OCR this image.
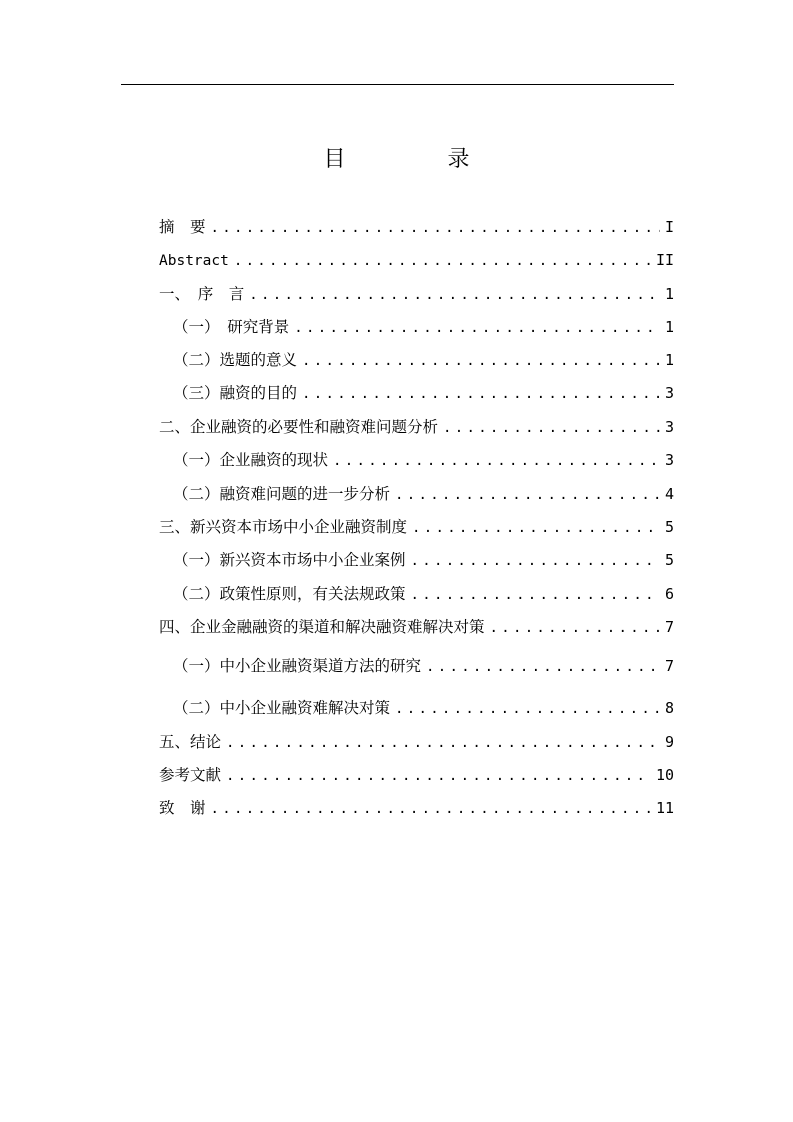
目　录
摘　要 .....	I
Abstract .....	II
一、　序　言 .....	1
（一）　研究背景 .....	1
（二）选题的意义 .....	1
（三）融资的目的 .....	3
二、企业融资的必要性和融资难问题分析 .....	3
（一）企业融资的现状 .....	3
（二）融资难问题的进一步分析 .....	4
三、新兴资本市场中小企业融资制度 .....	5
（一）新兴资本市场中小企业案例 .....	5
（二）政策性原则，有关法规政策 .....	6
四、企业金融融资的渠道和解决融资难解决对策 .....	7
（一）中小企业融资渠道方法的研究 .....	7
（二）中小企业融资难解决对策 .....	8
五、结论 .....	9
参考文献 .....	10
致　谢 .....	11
